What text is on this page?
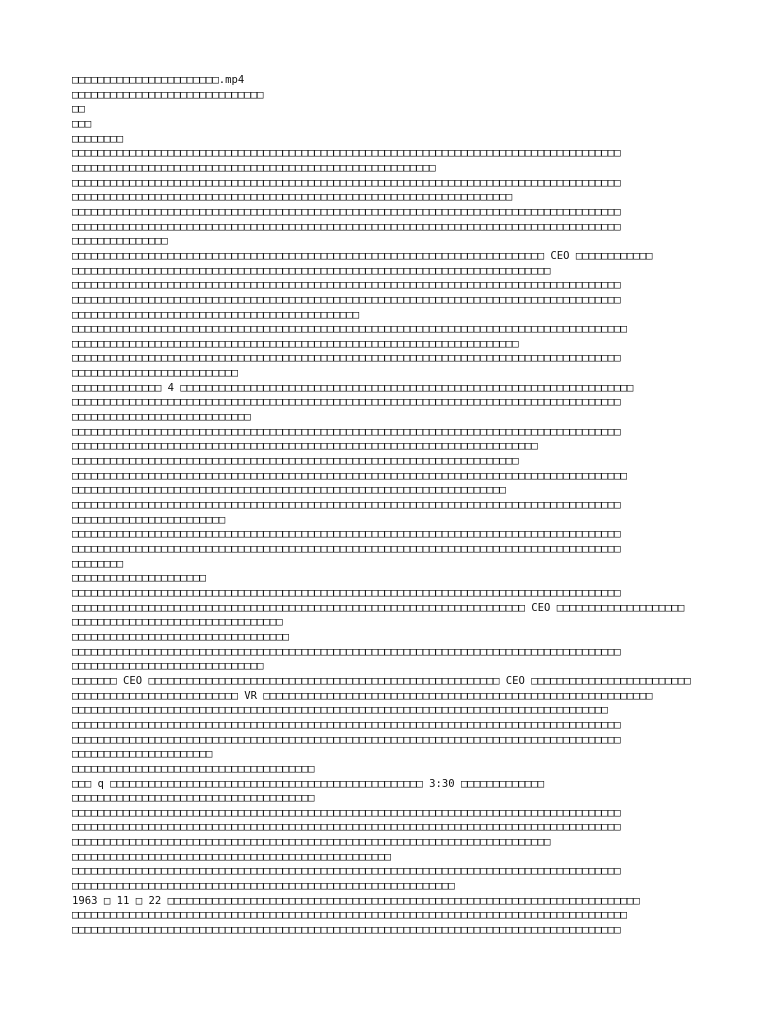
□□□□□□□□□□□□□□□□□□□□□□□.mp4
□□□□□□□□□□□□□□□□□□□□□□□□□□□□□□
□□
□□□
□□□□□□□□
□□□□□□□□□□□□□□□□□□□□□□□□□□□□□□□□□□□□□□□□□□□□□□□□□□□□□□□□□□□□□□□□□□□□□□□□□□□□□□□□□□□□□□
□□□□□□□□□□□□□□□□□□□□□□□□□□□□□□□□□□□□□□□□□□□□□□□□□□□□□□□□□
□□□□□□□□□□□□□□□□□□□□□□□□□□□□□□□□□□□□□□□□□□□□□□□□□□□□□□□□□□□□□□□□□□□□□□□□□□□□□□□□□□□□□□
□□□□□□□□□□□□□□□□□□□□□□□□□□□□□□□□□□□□□□□□□□□□□□□□□□□□□□□□□□□□□□□□□□□□□
□□□□□□□□□□□□□□□□□□□□□□□□□□□□□□□□□□□□□□□□□□□□□□□□□□□□□□□□□□□□□□□□□□□□□□□□□□□□□□□□□□□□□□
□□□□□□□□□□□□□□□□□□□□□□□□□□□□□□□□□□□□□□□□□□□□□□□□□□□□□□□□□□□□□□□□□□□□□□□□□□□□□□□□□□□□□□
□□□□□□□□□□□□□□□
□□□□□□□□□□□□□□□□□□□□□□□□□□□□□□□□□□□□□□□□□□□□□□□□□□□□□□□□□□□□□□□□□□□□□□□□□□ CEO □□□□□□□□□□□□
□□□□□□□□□□□□□□□□□□□□□□□□□□□□□□□□□□□□□□□□□□□□□□□□□□□□□□□□□□□□□□□□□□□□□□□□□□□
□□□□□□□□□□□□□□□□□□□□□□□□□□□□□□□□□□□□□□□□□□□□□□□□□□□□□□□□□□□□□□□□□□□□□□□□□□□□□□□□□□□□□□
□□□□□□□□□□□□□□□□□□□□□□□□□□□□□□□□□□□□□□□□□□□□□□□□□□□□□□□□□□□□□□□□□□□□□□□□□□□□□□□□□□□□□□
□□□□□□□□□□□□□□□□□□□□□□□□□□□□□□□□□□□□□□□□□□□□□
□□□□□□□□□□□□□□□□□□□□□□□□□□□□□□□□□□□□□□□□□□□□□□□□□□□□□□□□□□□□□□□□□□□□□□□□□□□□□□□□□□□□□□□
□□□□□□□□□□□□□□□□□□□□□□□□□□□□□□□□□□□□□□□□□□□□□□□□□□□□□□□□□□□□□□□□□□□□□□
□□□□□□□□□□□□□□□□□□□□□□□□□□□□□□□□□□□□□□□□□□□□□□□□□□□□□□□□□□□□□□□□□□□□□□□□□□□□□□□□□□□□□□
□□□□□□□□□□□□□□□□□□□□□□□□□□
□□□□□□□□□□□□□□ 4 □□□□□□□□□□□□□□□□□□□□□□□□□□□□□□□□□□□□□□□□□□□□□□□□□□□□□□□□□□□□□□□□□□□□□□□
□□□□□□□□□□□□□□□□□□□□□□□□□□□□□□□□□□□□□□□□□□□□□□□□□□□□□□□□□□□□□□□□□□□□□□□□□□□□□□□□□□□□□□
□□□□□□□□□□□□□□□□□□□□□□□□□□□□
□□□□□□□□□□□□□□□□□□□□□□□□□□□□□□□□□□□□□□□□□□□□□□□□□□□□□□□□□□□□□□□□□□□□□□□□□□□□□□□□□□□□□□
□□□□□□□□□□□□□□□□□□□□□□□□□□□□□□□□□□□□□□□□□□□□□□□□□□□□□□□□□□□□□□□□□□□□□□□□□
□□□□□□□□□□□□□□□□□□□□□□□□□□□□□□□□□□□□□□□□□□□□□□□□□□□□□□□□□□□□□□□□□□□□□□
□□□□□□□□□□□□□□□□□□□□□□□□□□□□□□□□□□□□□□□□□□□□□□□□□□□□□□□□□□□□□□□□□□□□□□□□□□□□□□□□□□□□□□□
□□□□□□□□□□□□□□□□□□□□□□□□□□□□□□□□□□□□□□□□□□□□□□□□□□□□□□□□□□□□□□□□□□□□
□□□□□□□□□□□□□□□□□□□□□□□□□□□□□□□□□□□□□□□□□□□□□□□□□□□□□□□□□□□□□□□□□□□□□□□□□□□□□□□□□□□□□□
□□□□□□□□□□□□□□□□□□□□□□□□
□□□□□□□□□□□□□□□□□□□□□□□□□□□□□□□□□□□□□□□□□□□□□□□□□□□□□□□□□□□□□□□□□□□□□□□□□□□□□□□□□□□□□□
□□□□□□□□□□□□□□□□□□□□□□□□□□□□□□□□□□□□□□□□□□□□□□□□□□□□□□□□□□□□□□□□□□□□□□□□□□□□□□□□□□□□□□
□□□□□□□□
□□□□□□□□□□□□□□□□□□□□□
□□□□□□□□□□□□□□□□□□□□□□□□□□□□□□□□□□□□□□□□□□□□□□□□□□□□□□□□□□□□□□□□□□□□□□□□□□□□□□□□□□□□□□
□□□□□□□□□□□□□□□□□□□□□□□□□□□□□□□□□□□□□□□□□□□□□□□□□□□□□□□□□□□□□□□□□□□□□□□ CEO □□□□□□□□□□□□□□□□□□□□
□□□□□□□□□□□□□□□□□□□□□□□□□□□□□□□□□
□□□□□□□□□□□□□□□□□□□□□□□□□□□□□□□□□□
□□□□□□□□□□□□□□□□□□□□□□□□□□□□□□□□□□□□□□□□□□□□□□□□□□□□□□□□□□□□□□□□□□□□□□□□□□□□□□□□□□□□□□
□□□□□□□□□□□□□□□□□□□□□□□□□□□□□□
□□□□□□□ CEO □□□□□□□□□□□□□□□□□□□□□□□□□□□□□□□□□□□□□□□□□□□□□□□□□□□□□□□ CEO □□□□□□□□□□□□□□□□□□□□□□□□□
□□□□□□□□□□□□□□□□□□□□□□□□□□ VR □□□□□□□□□□□□□□□□□□□□□□□□□□□□□□□□□□□□□□□□□□□□□□□□□□□□□□□□□□□□□
□□□□□□□□□□□□□□□□□□□□□□□□□□□□□□□□□□□□□□□□□□□□□□□□□□□□□□□□□□□□□□□□□□□□□□□□□□□□□□□□□□□□
□□□□□□□□□□□□□□□□□□□□□□□□□□□□□□□□□□□□□□□□□□□□□□□□□□□□□□□□□□□□□□□□□□□□□□□□□□□□□□□□□□□□□□
□□□□□□□□□□□□□□□□□□□□□□□□□□□□□□□□□□□□□□□□□□□□□□□□□□□□□□□□□□□□□□□□□□□□□□□□□□□□□□□□□□□□□□
□□□□□□□□□□□□□□□□□□□□□□
□□□□□□□□□□□□□□□□□□□□□□□□□□□□□□□□□□□□□□
□□□ q □□□□□□□□□□□□□□□□□□□□□□□□□□□□□□□□□□□□□□□□□□□□□□□□□ 3:30 □□□□□□□□□□□□□
□□□□□□□□□□□□□□□□□□□□□□□□□□□□□□□□□□□□□□
□□□□□□□□□□□□□□□□□□□□□□□□□□□□□□□□□□□□□□□□□□□□□□□□□□□□□□□□□□□□□□□□□□□□□□□□□□□□□□□□□□□□□□
□□□□□□□□□□□□□□□□□□□□□□□□□□□□□□□□□□□□□□□□□□□□□□□□□□□□□□□□□□□□□□□□□□□□□□□□□□□□□□□□□□□□□□
□□□□□□□□□□□□□□□□□□□□□□□□□□□□□□□□□□□□□□□□□□□□□□□□□□□□□□□□□□□□□□□□□□□□□□□□□□□
□□□□□□□□□□□□□□□□□□□□□□□□□□□□□□□□□□□□□□□□□□□□□□□□□□
□□□□□□□□□□□□□□□□□□□□□□□□□□□□□□□□□□□□□□□□□□□□□□□□□□□□□□□□□□□□□□□□□□□□□□□□□□□□□□□□□□□□□□
□□□□□□□□□□□□□□□□□□□□□□□□□□□□□□□□□□□□□□□□□□□□□□□□□□□□□□□□□□□□
1963 □ 11 □ 22 □□□□□□□□□□□□□□□□□□□□□□□□□□□□□□□□□□□□□□□□□□□□□□□□□□□□□□□□□□□□□□□□□□□□□□□□□□
□□□□□□□□□□□□□□□□□□□□□□□□□□□□□□□□□□□□□□□□□□□□□□□□□□□□□□□□□□□□□□□□□□□□□□□□□□□□□□□□□□□□□□□
□□□□□□□□□□□□□□□□□□□□□□□□□□□□□□□□□□□□□□□□□□□□□□□□□□□□□□□□□□□□□□□□□□□□□□□□□□□□□□□□□□□□□□
